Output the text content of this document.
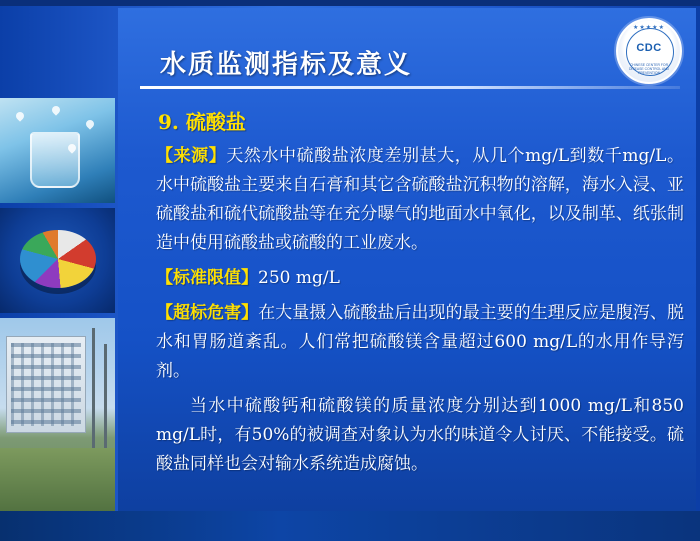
水质监测指标及意义
★★★★★
CDC
CHINESE CENTER FOR DISEASE CONTROL AND PREVENTION
9. 硫酸盐

【来源】天然水中硫酸盐浓度差别甚大，从几个mg/L到数千mg/L。水中硫酸盐主要来自石膏和其它含硫酸盐沉积物的溶解，海水入浸、亚硫酸盐和硫代硫酸盐等在充分曝气的地面水中氧化，以及制革、纸张制造中使用硫酸盐或硫酸的工业废水。

【标准限值】250 mg/L

【超标危害】在大量摄入硫酸盐后出现的最主要的生理反应是腹泻、脱水和胃肠道紊乱。人们常把硫酸镁含量超过600 mg/L的水用作导泻剂。

当水中硫酸钙和硫酸镁的质量浓度分别达到1000 mg/L和850 mg/L时，有50%的被调查对象认为水的味道令人讨厌、不能接受。硫酸盐同样也会对输水系统造成腐蚀。
